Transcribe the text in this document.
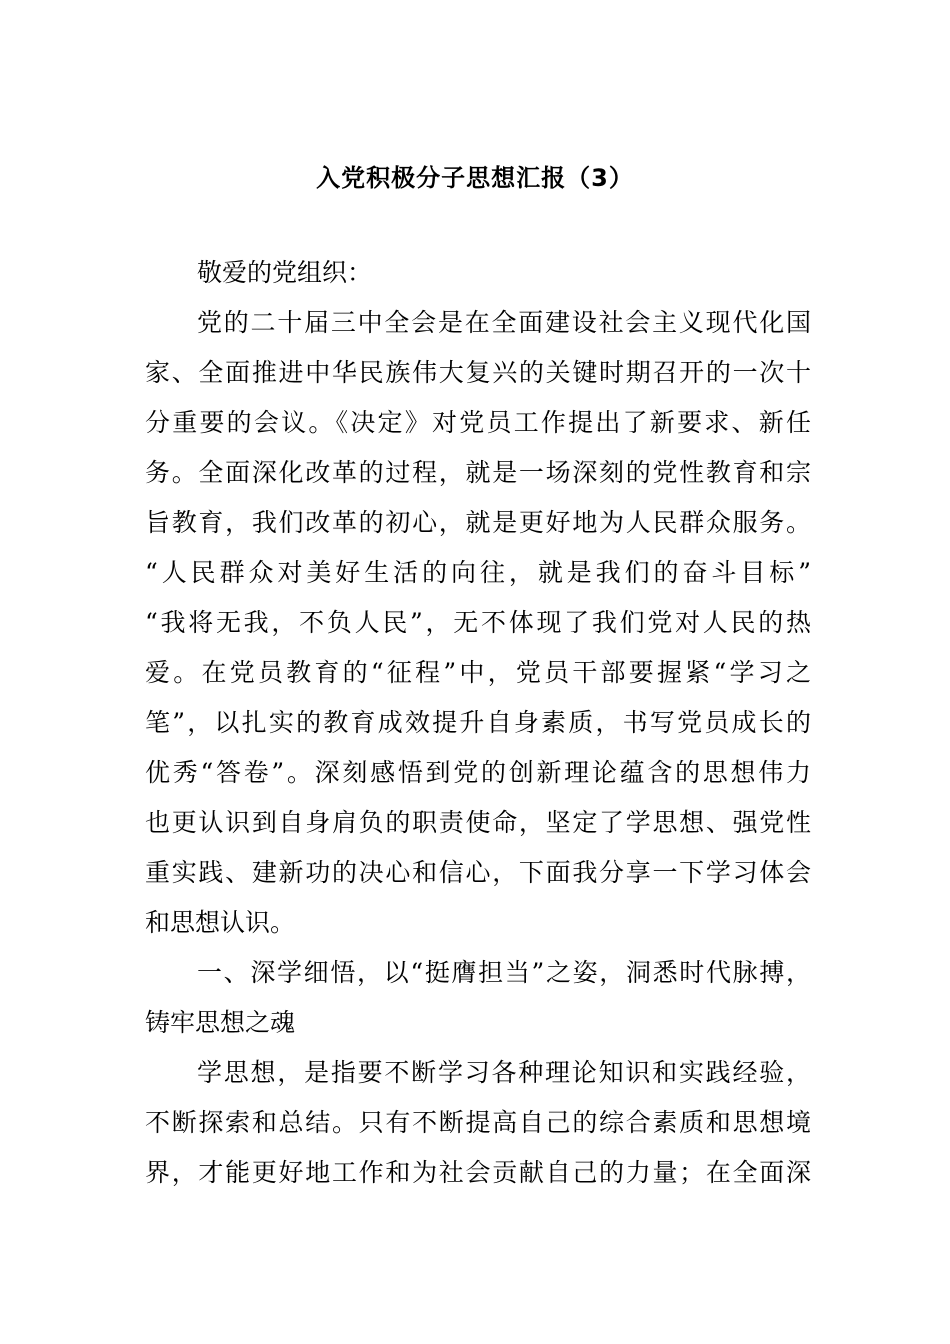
入党积极分子思想汇报（3）
敬爱的党组织：
党的二十届三中全会是在全面建设社会主义现代化国
家、全面推进中华民族伟大复兴的关键时期召开的一次十
分重要的会议。《决定》对党员工作提出了新要求、新任
务。全面深化改革的过程，就是一场深刻的党性教育和宗
旨教育，我们改革的初心，就是更好地为人民群众服务。
“人民群众对美好生活的向往，就是我们的奋斗目标”
“我将无我，不负人民”，无不体现了我们党对人民的热
爱。在党员教育的“征程”中，党员干部要握紧“学习之
笔”，以扎实的教育成效提升自身素质，书写党员成长的
优秀“答卷”。深刻感悟到党的创新理论蕴含的思想伟力
也更认识到自身肩负的职责使命，坚定了学思想、强党性
重实践、建新功的决心和信心，下面我分享一下学习体会
和思想认识。
一、深学细悟，以“挺膺担当”之姿，洞悉时代脉搏，
铸牢思想之魂
学思想，是指要不断学习各种理论知识和实践经验，
不断探索和总结。只有不断提高自己的综合素质和思想境
界，才能更好地工作和为社会贡献自己的力量；在全面深
